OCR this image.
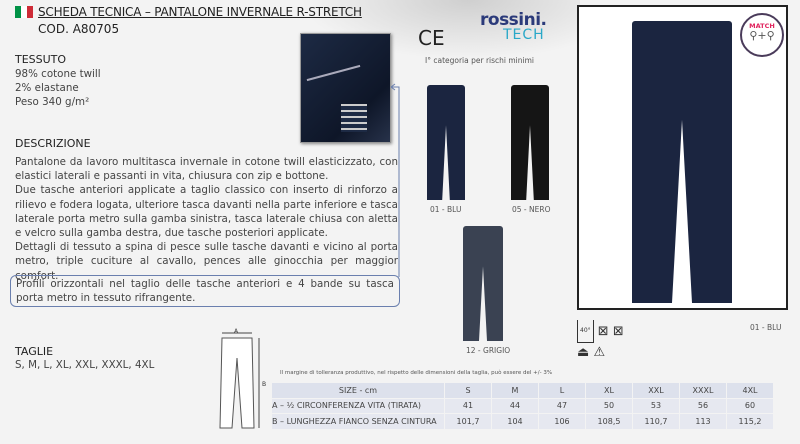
SCHEDA TECNICA – PANTALONE INVERNALE R-STRETCH
COD. A80705
TESSUTO
98% cotone twill
2% elastane
Peso 340 g/m²
DESCRIZIONE

Pantalone da lavoro multitasca invernale in cotone twill elasticizzato, con elastici laterali e passanti in vita, chiusura con zip e bottone.

Due tasche anteriori applicate a taglio classico con inserto di rinforzo a rilievo e fodera logata, ulteriore tasca davanti nella parte inferiore e tasca laterale porta metro sulla gamba sinistra, tasca laterale chiusa con aletta e velcro sulla gamba destra, due tasche posteriori applicate.

Dettagli di tessuto a spina di pesce sulle tasche davanti e vicino al porta metro, triple cuciture al cavallo, pences alle ginocchia per maggior comfort.

Profili orizzontali nel taglio delle tasche anteriori e 4 bande su tasca porta metro in tessuto rifrangente.
CE
rossini.
TECH
I° categoria per rischi minimi
01 - BLU	05 - NERO
12 - GRIGIO
MATCH
⚲+⚲
01 - BLU
40° ⊠ ⊠
⏏ ⚠
TAGLIE
S, M, L, XL, XXL, XXXL, 4XL
A
B
Il margine di tolleranza produttivo, nel rispetto delle dimensioni della taglia, può essere del +/- 3%
SIZE - cm	S	M	L	XL	XXL	XXXL	4XL
A – ½ CIRCONFERENZA VITA (TIRATA)	41	44	47	50	53	56	60
B – LUNGHEZZA FIANCO SENZA CINTURA	101,7	104	106	108,5	110,7	113	115,2
